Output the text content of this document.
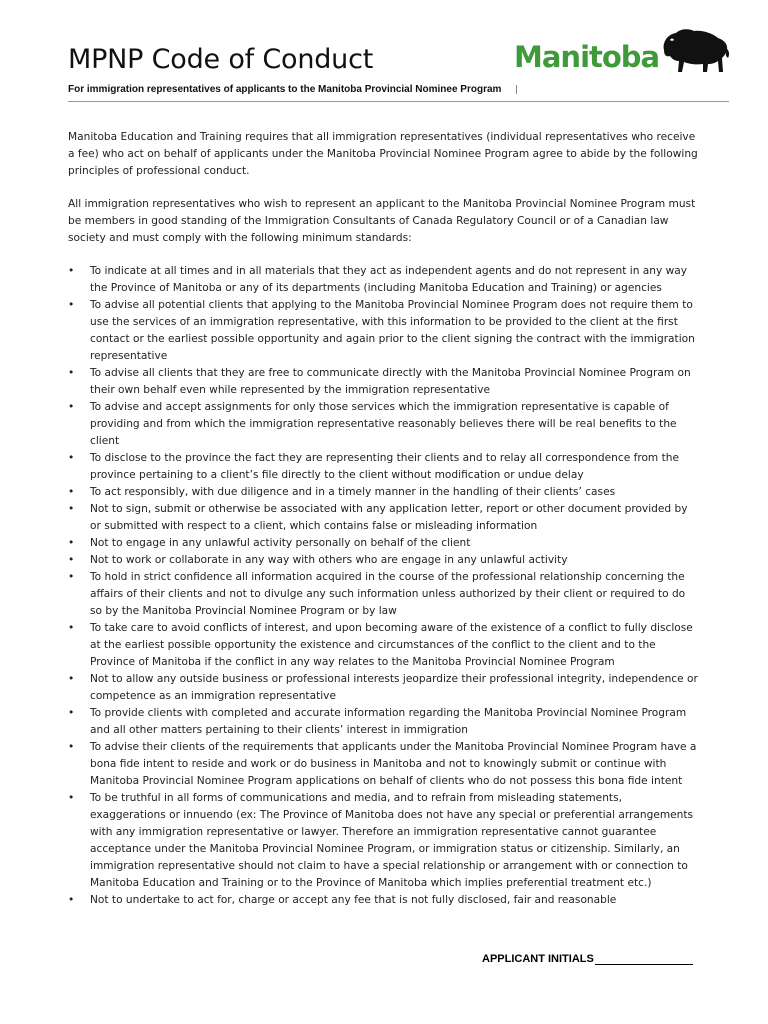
MPNP Code of Conduct
For immigration representatives of applicants to the Manitoba Provincial Nominee Program
Manitoba

Manitoba Education and Training requires that all immigration representatives (individual representatives who receive a fee) who act on behalf of applicants under the Manitoba Provincial Nominee Program agree to abide by the following principles of professional conduct.

All immigration representatives who wish to represent an applicant to the Manitoba Provincial Nominee Program must be members in good standing of the Immigration Consultants of Canada Regulatory Council or of a Canadian law society and must comply with the following minimum standards:

• To indicate at all times and in all materials that they act as independent agents and do not represent in any way the Province of Manitoba or any of its departments (including Manitoba Education and Training) or agencies
• To advise all potential clients that applying to the Manitoba Provincial Nominee Program does not require them to use the services of an immigration representative, with this information to be provided to the client at the first contact or the earliest possible opportunity and again prior to the client signing the contract with the immigration representative
• To advise all clients that they are free to communicate directly with the Manitoba Provincial Nominee Program on their own behalf even while represented by the immigration representative
• To advise and accept assignments for only those services which the immigration representative is capable of providing and from which the immigration representative reasonably believes there will be real benefits to the client
• To disclose to the province the fact they are representing their clients and to relay all correspondence from the province pertaining to a client’s file directly to the client without modification or undue delay
• To act responsibly, with due diligence and in a timely manner in the handling of their clients’ cases
• Not to sign, submit or otherwise be associated with any application letter, report or other document provided by or submitted with respect to a client, which contains false or misleading information
• Not to engage in any unlawful activity personally on behalf of the client
• Not to work or collaborate in any way with others who are engage in any unlawful activity
• To hold in strict confidence all information acquired in the course of the professional relationship concerning the affairs of their clients and not to divulge any such information unless authorized by their client or required to do so by the Manitoba Provincial Nominee Program or by law
• To take care to avoid conflicts of interest, and upon becoming aware of the existence of a conflict to fully disclose at the earliest possible opportunity the existence and circumstances of the conflict to the client and to the Province of Manitoba if the conflict in any way relates to the Manitoba Provincial Nominee Program
• Not to allow any outside business or professional interests jeopardize their professional integrity, independence or competence as an immigration representative
• To provide clients with completed and accurate information regarding the Manitoba Provincial Nominee Program and all other matters pertaining to their clients’ interest in immigration
• To advise their clients of the requirements that applicants under the Manitoba Provincial Nominee Program have a bona fide intent to reside and work or do business in Manitoba and not to knowingly submit or continue with Manitoba Provincial Nominee Program applications on behalf of clients who do not possess this bona fide intent
• To be truthful in all forms of communications and media, and to refrain from misleading statements, exaggerations or innuendo (ex: The Province of Manitoba does not have any special or preferential arrangements with any immigration representative or lawyer. Therefore an immigration representative cannot guarantee acceptance under the Manitoba Provincial Nominee Program, or immigration status or citizenship. Similarly, an immigration representative should not claim to have a special relationship or arrangement with or connection to Manitoba Education and Training or to the Province of Manitoba which implies preferential treatment etc.)
• Not to undertake to act for, charge or accept any fee that is not fully disclosed, fair and reasonable
APPLICANT INITIALS
